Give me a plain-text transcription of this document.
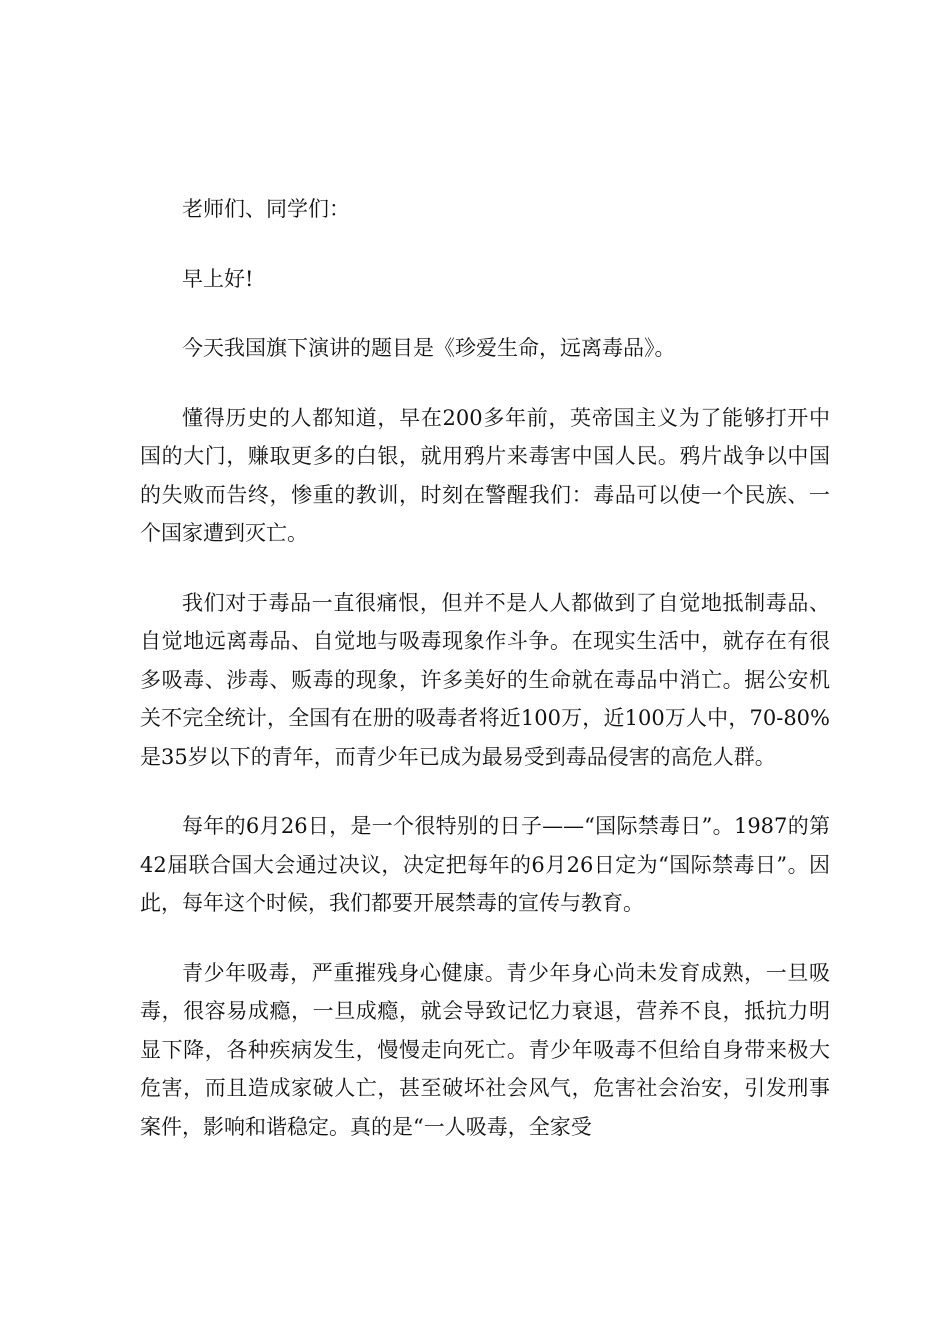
老师们、同学们：

早上好!

今天我国旗下演讲的题目是《珍爱生命，远离毒品》。

懂得历史的人都知道，早在200多年前，英帝国主义为了能够打开中国的大门，赚取更多的白银，就用鸦片来毒害中国人民。鸦片战争以中国的失败而告终，惨重的教训，时刻在警醒我们：毒品可以使一个民族、一个国家遭到灭亡。

我们对于毒品一直很痛恨，但并不是人人都做到了自觉地抵制毒品、自觉地远离毒品、自觉地与吸毒现象作斗争。在现实生活中，就存在有很多吸毒、涉毒、贩毒的现象，许多美好的生命就在毒品中消亡。据公安机关不完全统计，全国有在册的吸毒者将近100万，近100万人中，70-80%是35岁以下的青年，而青少年已成为最易受到毒品侵害的高危人群。

每年的6月26日，是一个很特别的日子——“国际禁毒日”。1987的第42届联合国大会通过决议，决定把每年的6月26日定为“国际禁毒日”。因此，每年这个时候，我们都要开展禁毒的宣传与教育。

青少年吸毒，严重摧残身心健康。青少年身心尚未发育成熟，一旦吸毒，很容易成瘾，一旦成瘾，就会导致记忆力衰退，营养不良，抵抗力明显下降，各种疾病发生，慢慢走向死亡。青少年吸毒不但给自身带来极大危害，而且造成家破人亡，甚至破坏社会风气，危害社会治安，引发刑事案件，影响和谐稳定。真的是“一人吸毒，全家受
